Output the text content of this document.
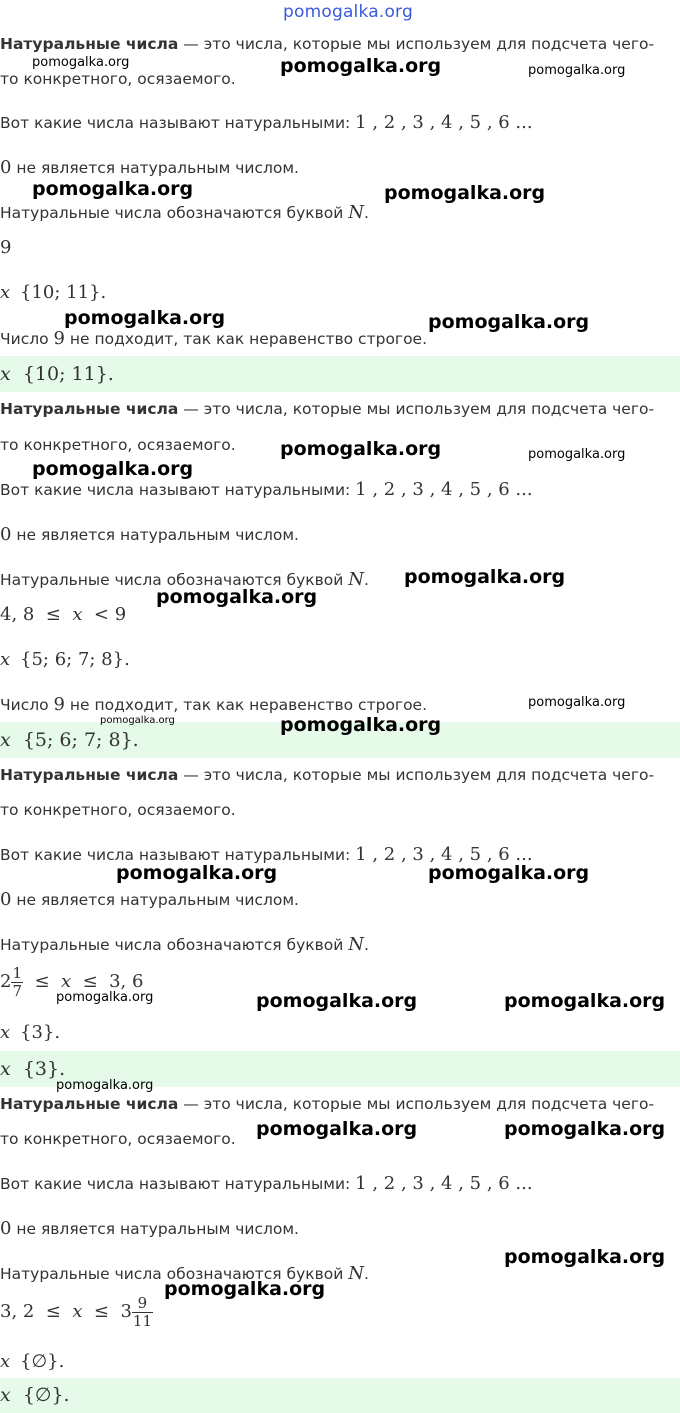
Натуральные числа — это числа, которые мы используем для подсчета чего-
то конкретного, осязаемого.
Вот какие числа называют натуральными: 1 , 2 , 3 , 4 , 5 , 6 ...
0 не является натуральным числом.
Натуральные числа обозначаются буквой N.
9
x {10; 11}.
Число 9 не подходит, так как неравенство строгое.
x {10; 11}.
Натуральные числа — это числа, которые мы используем для подсчета чего-
то конкретного, осязаемого.
Вот какие числа называют натуральными: 1 , 2 , 3 , 4 , 5 , 6 ...
0 не является натуральным числом.
Натуральные числа обозначаются буквой N.
4, 8  ≤  x  < 9
x {5; 6; 7; 8}.
Число 9 не подходит, так как неравенство строгое.
x {5; 6; 7; 8}.
Натуральные числа — это числа, которые мы используем для подсчета чего-
то конкретного, осязаемого.
Вот какие числа называют натуральными: 1 , 2 , 3 , 4 , 5 , 6 ...
0 не является натуральным числом.
Натуральные числа обозначаются буквой N.
$2 \frac{1}{7} \le x \le 3$, 6
x {3}.
x {3}.
Натуральные числа — это числа, которые мы используем для подсчета чего-
то конкретного, осязаемого.
Вот какие числа называют натуральными: 1 , 2 , 3 , 4 , 5 , 6 ...
0 не является натуральным числом.
Натуральные числа обозначаются буквой N.
3, $2 \le x \le 3 \frac{9}{11}$
x {∅}.
x {∅}.
pomogalka.org
pomogalka.org	pomogalka.org	pomogalka.org
pomogalka.org	pomogalka.org
pomogalka.org	pomogalka.org
pomogalka.org	pomogalka.org
pomogalka.org
pomogalka.org
pomogalka.org
pomogalka.org
pomogalka.org	pomogalka.org
pomogalka.org	pomogalka.org
pomogalka.org	pomogalka.org	pomogalka.org
pomogalka.org
pomogalka.org	pomogalka.org
pomogalka.org
pomogalka.org
